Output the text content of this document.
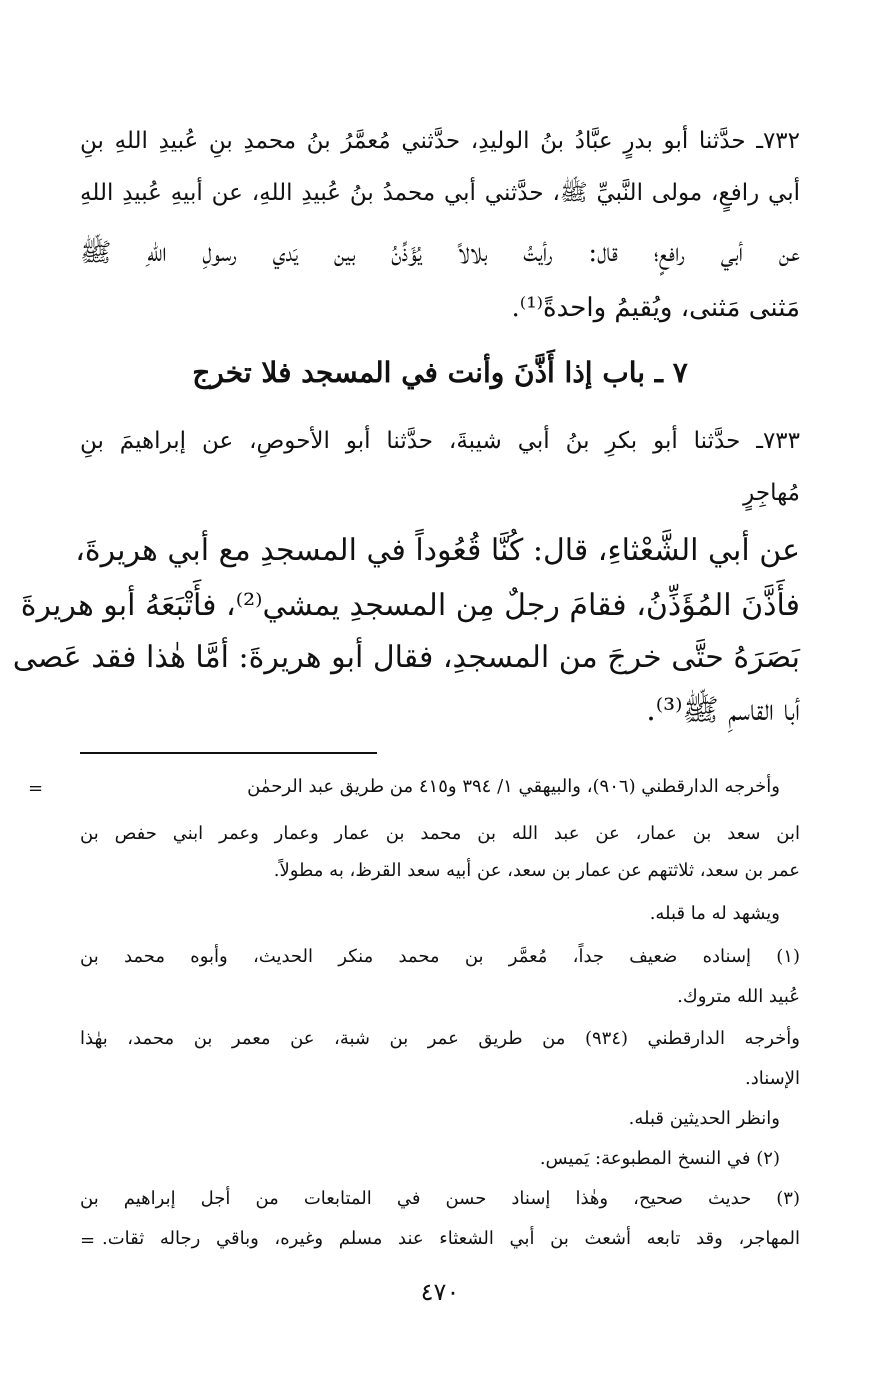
٧٣٢ـ حدَّثنا أبو بدرٍ عبَّادُ بنُ الوليدِ، حدَّثني مُعمَّرُ بنُ محمدِ بنِ عُبيدِ اللهِ بنِ
أبي رافعٍ، مولى النَّبيِّ ﷺ، حدَّثني أبي محمدُ بنُ عُبيدِ اللهِ، عن أبيهِ عُبيدِ اللهِ
عن أبي رافعٍ؛ قال: رأيتُ بلالاً يُؤَذِّنُ بين يَدي رسولِ اللهِ ﷺ
مَثنى مَثنى، ويُقيمُ واحدةً⁽¹⁾.
٧ ـ باب إذا أَذَّنَ وأنت في المسجد فلا تخرج
٧٣٣ـ حدَّثنا أبو بكرِ بنُ أبي شيبةَ، حدَّثنا أبو الأحوصِ، عن إبراهيمَ بنِ
مُهاجِرٍ
عن أبي الشَّعْثاءِ، قال: كُنَّا قُعُوداً في المسجدِ مع أبي هريرةَ،
فأَذَّنَ المُؤَذِّنُ، فقامَ رجلٌ مِن المسجدِ يمشي⁽²⁾، فأَتْبَعَهُ أبو هريرةَ
بَصَرَهُ حتَّى خرجَ من المسجدِ، فقال أبو هريرةَ: أمَّا هٰذا فقد عَصى
أبا القاسمِ ﷺ⁽³⁾.
=	وأخرجه الدارقطني (٩٠٦)، والبيهقي ١/ ٣٩٤ و٤١٥ من طريق عبد الرحمٰن
ابن سعد بن عمار، عن عبد الله بن محمد بن عمار وعمار وعمر ابني حفص بن
عمر بن سعد، ثلاثتهم عن عمار بن سعد، عن أبيه سعد القرظ، به مطولاً.
ويشهد له ما قبله.
(١) إسناده ضعيف جداً، مُعمَّر بن محمد منكر الحديث، وأبوه محمد بن
عُبيد الله متروك.
وأخرجه الدارقطني (٩٣٤) من طريق عمر بن شبة، عن معمر بن محمد، بهٰذا
الإسناد.
وانظر الحديثين قبله.
(٢) في النسخ المطبوعة: يَميس.
(٣) حديث صحيح، وهٰذا إسناد حسن في المتابعات من أجل إبراهيم بن
المهاجر، وقد تابعه أشعث بن أبي الشعثاء عند مسلم وغيره، وباقي رجاله ثقات.
=
٤٧٠
